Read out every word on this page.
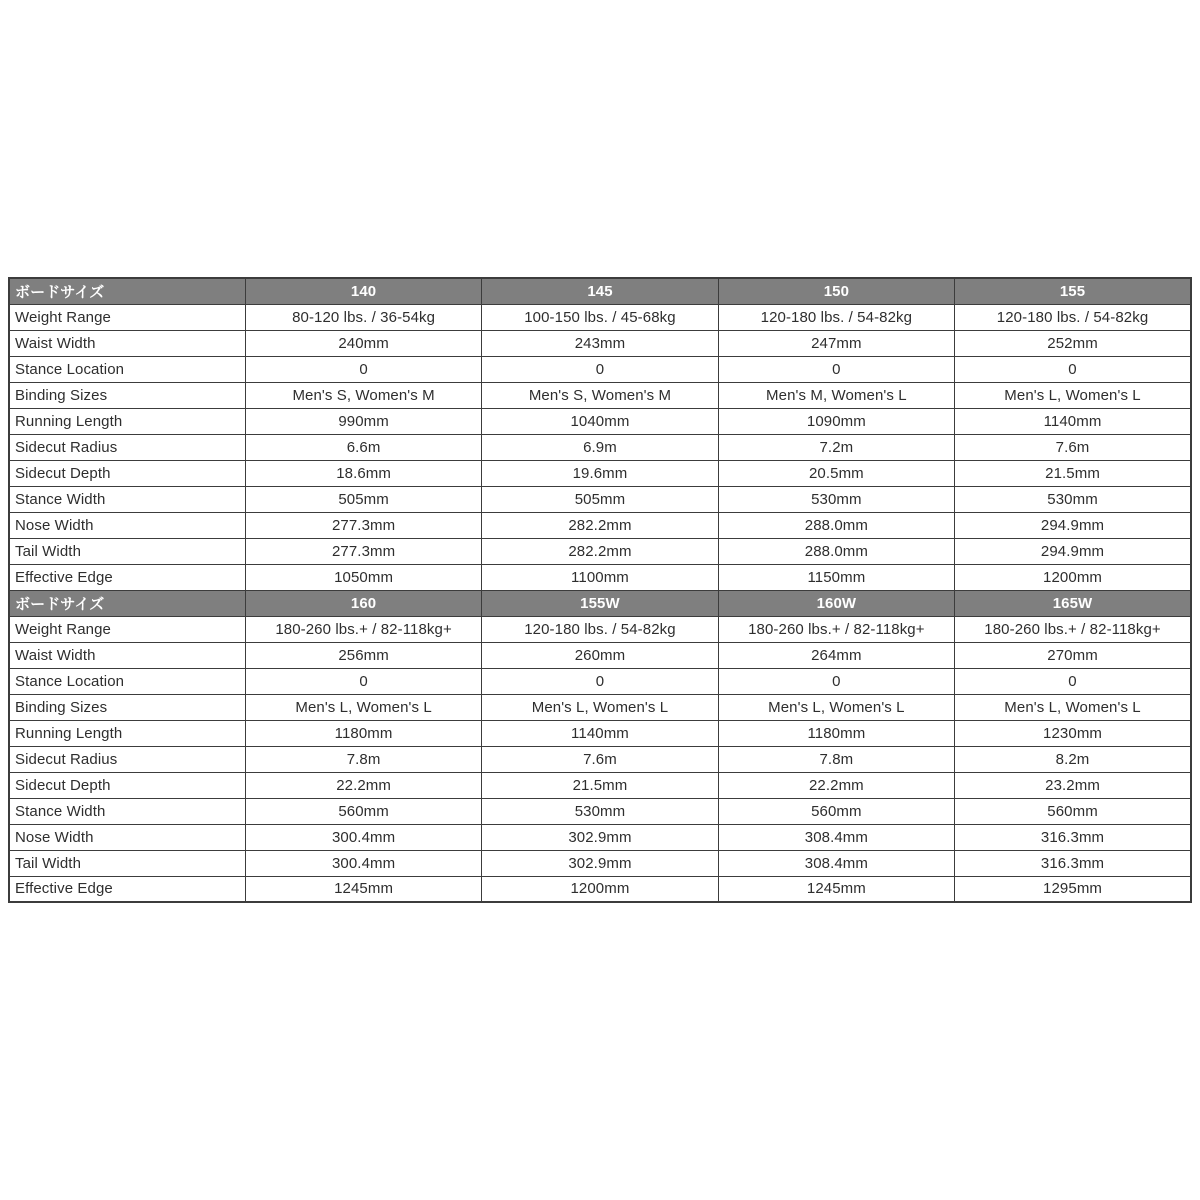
ボードサイズ	140	145	150	155
Weight Range	80-120 lbs. / 36-54kg	100-150 lbs. / 45-68kg	120-180 lbs. / 54-82kg	120-180 lbs. / 54-82kg
Waist Width	240mm	243mm	247mm	252mm
Stance Location	0	0	0	0
Binding Sizes	Men's S, Women's M	Men's S, Women's M	Men's M, Women's L	Men's L, Women's L
Running Length	990mm	1040mm	1090mm	1140mm
Sidecut Radius	6.6m	6.9m	7.2m	7.6m
Sidecut Depth	18.6mm	19.6mm	20.5mm	21.5mm
Stance Width	505mm	505mm	530mm	530mm
Nose Width	277.3mm	282.2mm	288.0mm	294.9mm
Tail Width	277.3mm	282.2mm	288.0mm	294.9mm
Effective Edge	1050mm	1100mm	1150mm	1200mm
ボードサイズ	160	155W	160W	165W
Weight Range	180-260 lbs.+ / 82-118kg+	120-180 lbs. / 54-82kg	180-260 lbs.+ / 82-118kg+	180-260 lbs.+ / 82-118kg+
Waist Width	256mm	260mm	264mm	270mm
Stance Location	0	0	0	0
Binding Sizes	Men's L, Women's L	Men's L, Women's L	Men's L, Women's L	Men's L, Women's L
Running Length	1180mm	1140mm	1180mm	1230mm
Sidecut Radius	7.8m	7.6m	7.8m	8.2m
Sidecut Depth	22.2mm	21.5mm	22.2mm	23.2mm
Stance Width	560mm	530mm	560mm	560mm
Nose Width	300.4mm	302.9mm	308.4mm	316.3mm
Tail Width	300.4mm	302.9mm	308.4mm	316.3mm
Effective Edge	1245mm	1200mm	1245mm	1295mm
